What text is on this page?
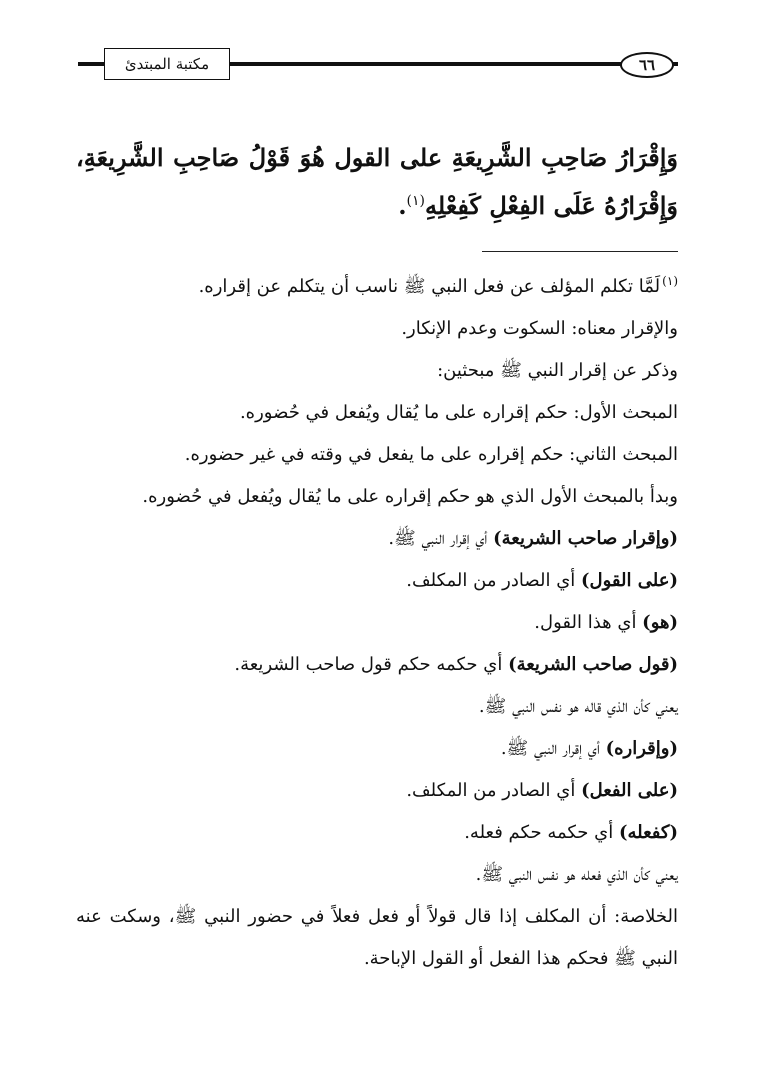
مكتبة المبتدئ	٦٦
وَإِقْرَارُ صَاحِبِ الشَّرِيعَةِ على القول هُوَ قَوْلُ صَاحِبِ الشَّرِيعَةِ، وَإِقْرَارُهُ عَلَى الفِعْلِ كَفِعْلِهِ$^{(١)}$.
$^{(١)}$لَمَّا تكلم المؤلف عن فعل النبي ﷺ ناسب أن يتكلم عن إقراره.
والإقرار معناه: السكوت وعدم الإنكار.
وذكر عن إقرار النبي ﷺ مبحثين:
المبحث الأول: حكم إقراره على ما يُقال ويُفعل في حُضوره.
المبحث الثاني: حكم إقراره على ما يفعل في وقته في غير حضوره.
وبدأ بالمبحث الأول الذي هو حكم إقراره على ما يُقال ويُفعل في حُضوره.
(وإقرار صاحب الشريعة) أي إقرار النبي ﷺ.
(على القول) أي الصادر من المكلف.
(هو) أي هذا القول.
(قول صاحب الشريعة) أي حكمه حكم قول صاحب الشريعة.
يعني كأن الذي قاله هو نفس النبي ﷺ.
(وإقراره) أي إقرار النبي ﷺ.
(على الفعل) أي الصادر من المكلف.
(كفعله) أي حكمه حكم فعله.
يعني كأن الذي فعله هو نفس النبي ﷺ.
الخلاصة: أن المكلف إذا قال قولاً أو فعل فعلاً في حضور النبي ﷺ، وسكت عنه
النبي ﷺ فحكم هذا الفعل أو القول الإباحة.
